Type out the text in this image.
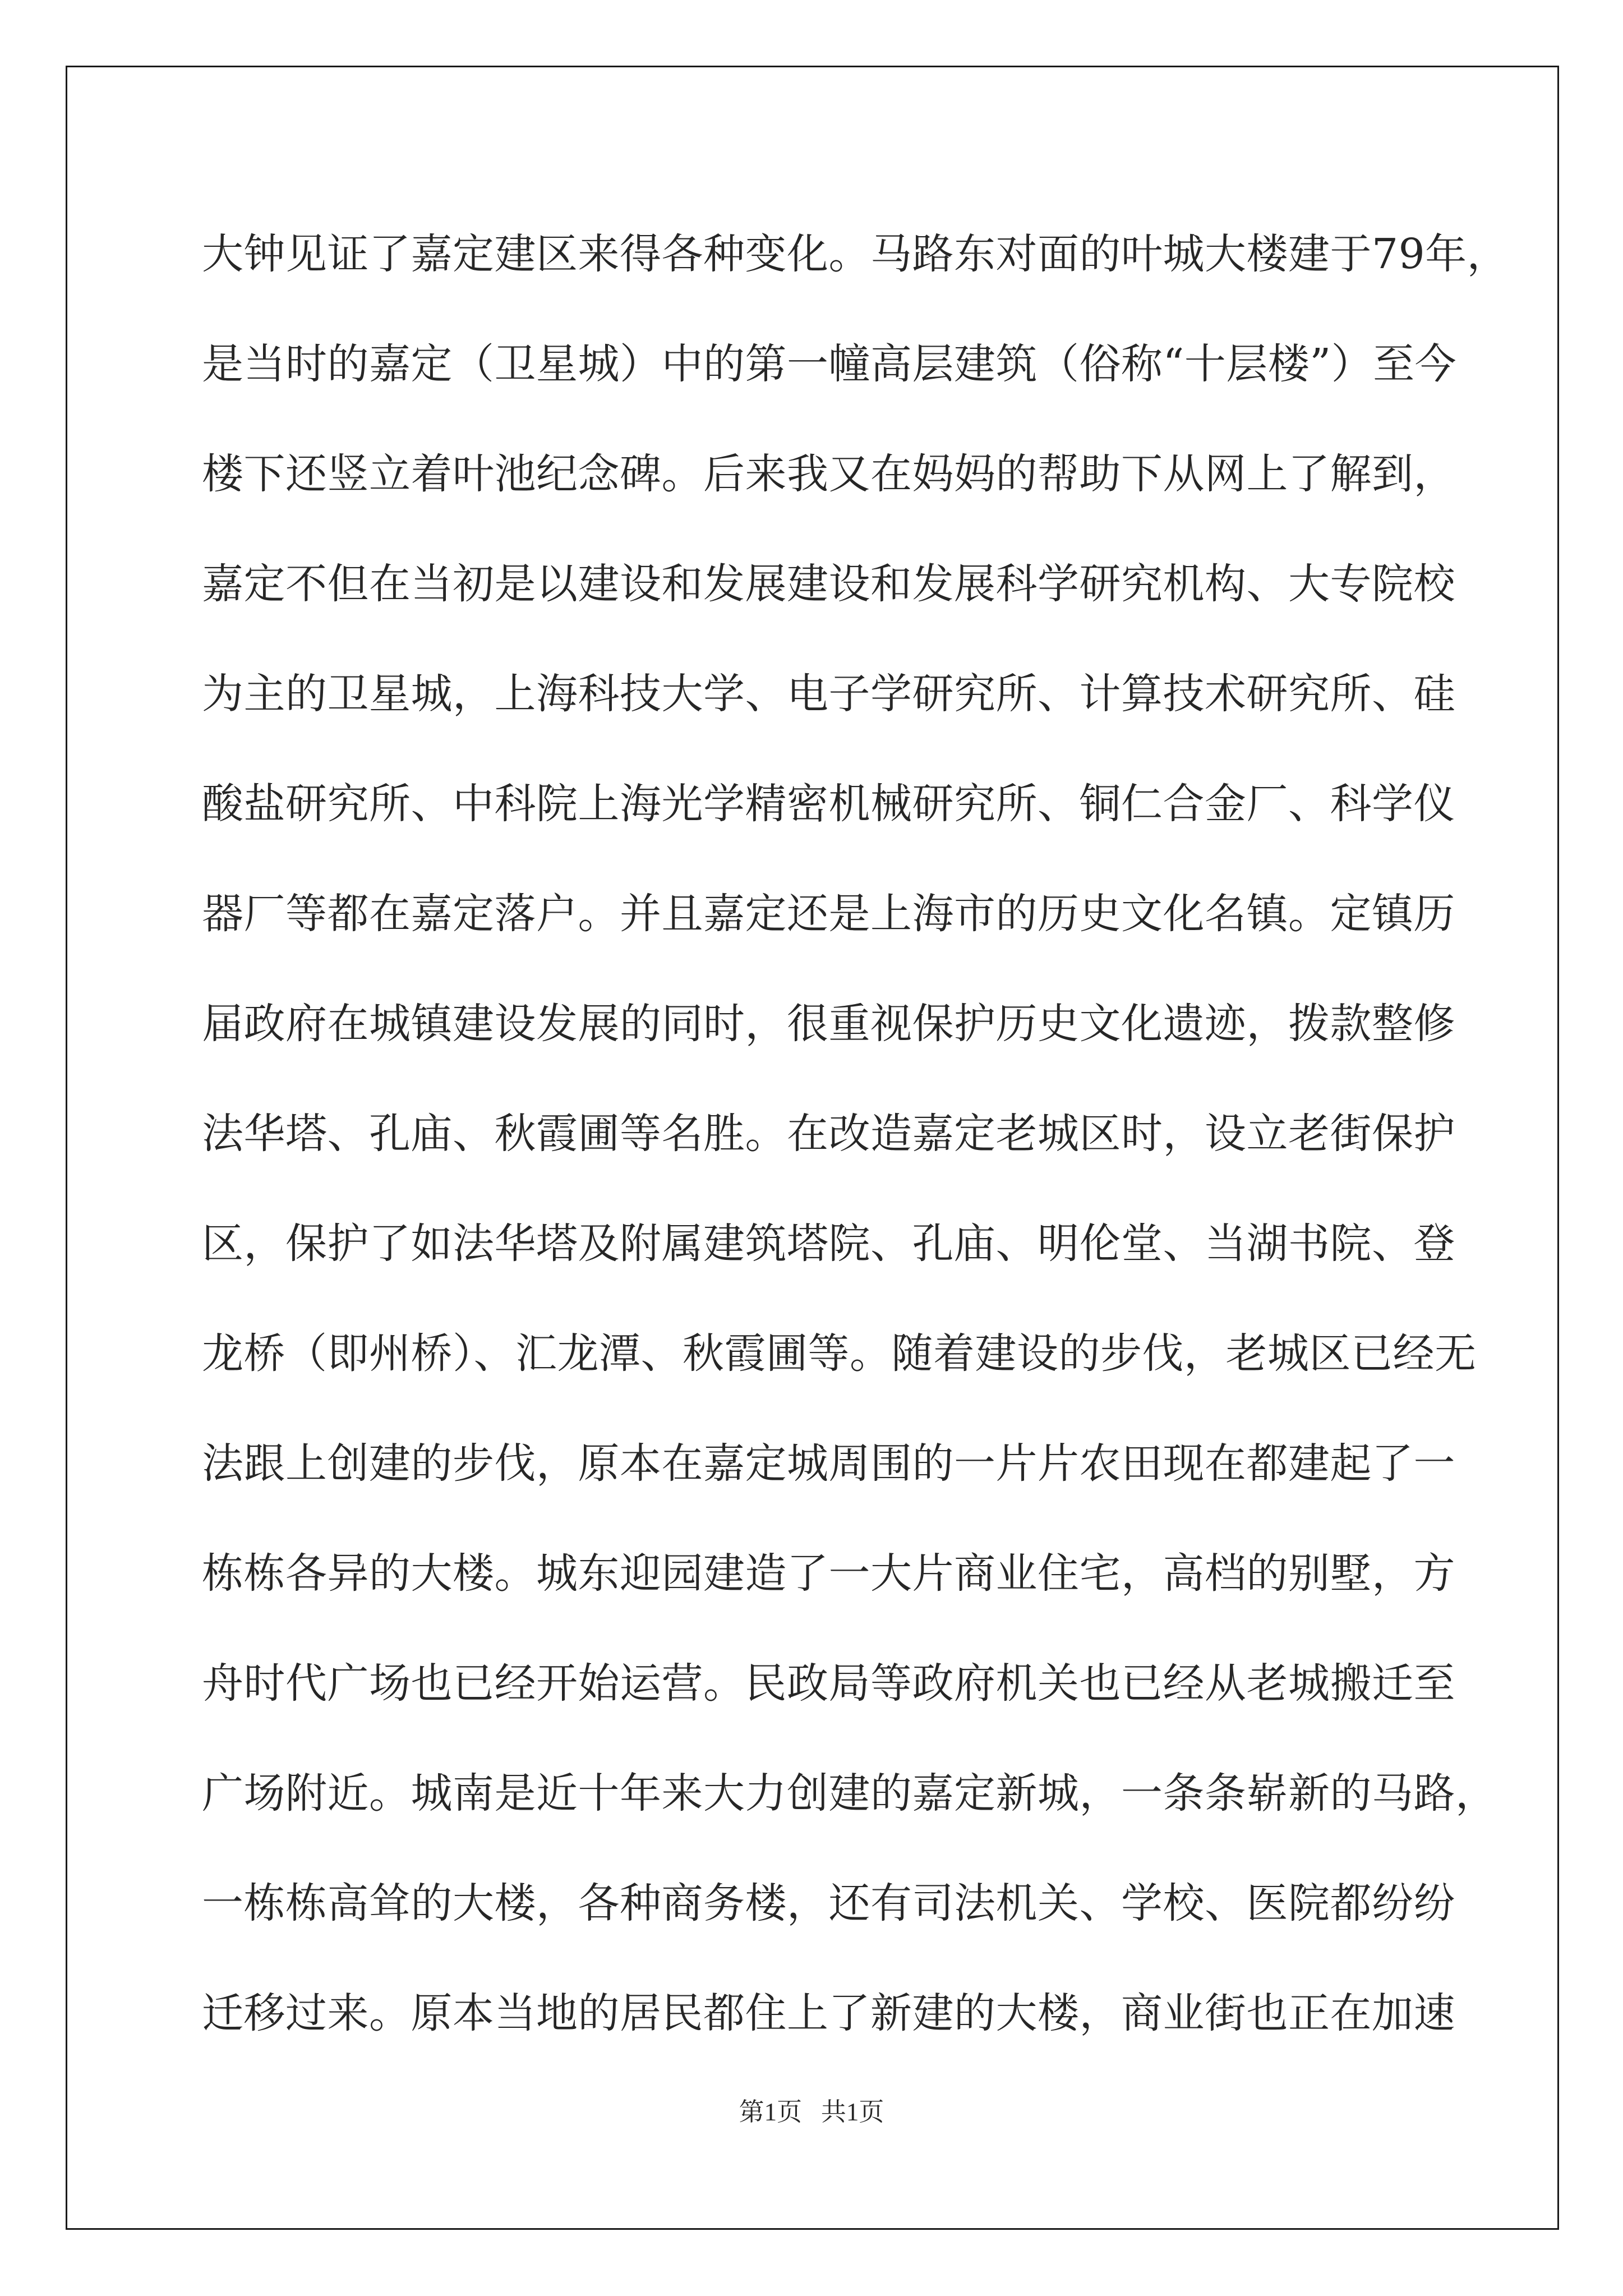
大钟见证了嘉定建区来得各种变化。马路东对面的叶城大楼建于79年，
是当时的嘉定（卫星城）中的第一幢高层建筑（俗称“十层楼”）至今
楼下还竖立着叶池纪念碑。后来我又在妈妈的帮助下从网上了解到，
嘉定不但在当初是以建设和发展建设和发展科学研究机构、大专院校
为主的卫星城，上海科技大学、电子学研究所、计算技术研究所、硅
酸盐研究所、中科院上海光学精密机械研究所、铜仁合金厂、科学仪
器厂等都在嘉定落户。并且嘉定还是上海市的历史文化名镇。定镇历
届政府在城镇建设发展的同时，很重视保护历史文化遗迹，拨款整修
法华塔、孔庙、秋霞圃等名胜。在改造嘉定老城区时，设立老街保护
区，保护了如法华塔及附属建筑塔院、孔庙、明伦堂、当湖书院、登
龙桥（即州桥）、汇龙潭、秋霞圃等。随着建设的步伐，老城区已经无
法跟上创建的步伐，原本在嘉定城周围的一片片农田现在都建起了一
栋栋各异的大楼。城东迎园建造了一大片商业住宅，高档的别墅，方
舟时代广场也已经开始运营。民政局等政府机关也已经从老城搬迁至
广场附近。城南是近十年来大力创建的嘉定新城，一条条崭新的马路，
一栋栋高耸的大楼，各种商务楼，还有司法机关、学校、医院都纷纷
迁移过来。原本当地的居民都住上了新建的大楼，商业街也正在加速
第1页   共1页
